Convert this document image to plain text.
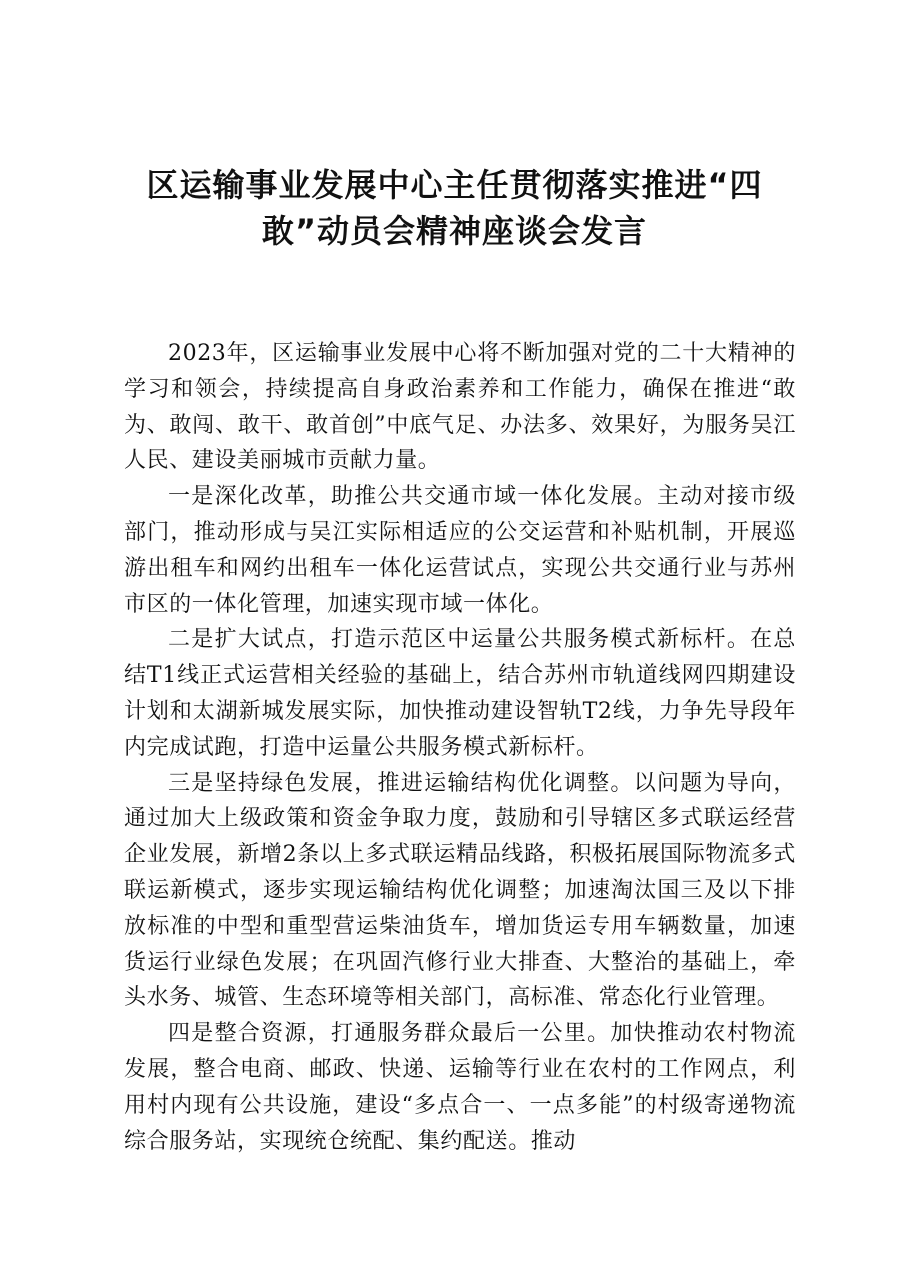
区运输事业发展中心主任贯彻落实推进“四
敢”动员会精神座谈会发言

2023年，区运输事业发展中心将不断加强对党的二十大精神的学习和领会，持续提高自身政治素养和工作能力，确保在推进“敢为、敢闯、敢干、敢首创”中底气足、办法多、效果好，为服务吴江人民、建设美丽城市贡献力量。

一是深化改革，助推公共交通市域一体化发展。主动对接市级部门，推动形成与吴江实际相适应的公交运营和补贴机制，开展巡游出租车和网约出租车一体化运营试点，实现公共交通行业与苏州市区的一体化管理，加速实现市域一体化。

二是扩大试点，打造示范区中运量公共服务模式新标杆。在总结T1线正式运营相关经验的基础上，结合苏州市轨道线网四期建设计划和太湖新城发展实际，加快推动建设智轨T2线，力争先导段年内完成试跑，打造中运量公共服务模式新标杆。

三是坚持绿色发展，推进运输结构优化调整。以问题为导向，通过加大上级政策和资金争取力度，鼓励和引导辖区多式联运经营企业发展，新增2条以上多式联运精品线路，积极拓展国际物流多式联运新模式，逐步实现运输结构优化调整；加速淘汰国三及以下排放标准的中型和重型营运柴油货车，增加货运专用车辆数量，加速货运行业绿色发展；在巩固汽修行业大排查、大整治的基础上，牵头水务、城管、生态环境等相关部门，高标准、常态化行业管理。

四是整合资源，打通服务群众最后一公里。加快推动农村物流发展，整合电商、邮政、快递、运输等行业在农村的工作网点，利用村内现有公共设施，建设“多点合一、一点多能”的村级寄递物流综合服务站，实现统仓统配、集约配送。推动
